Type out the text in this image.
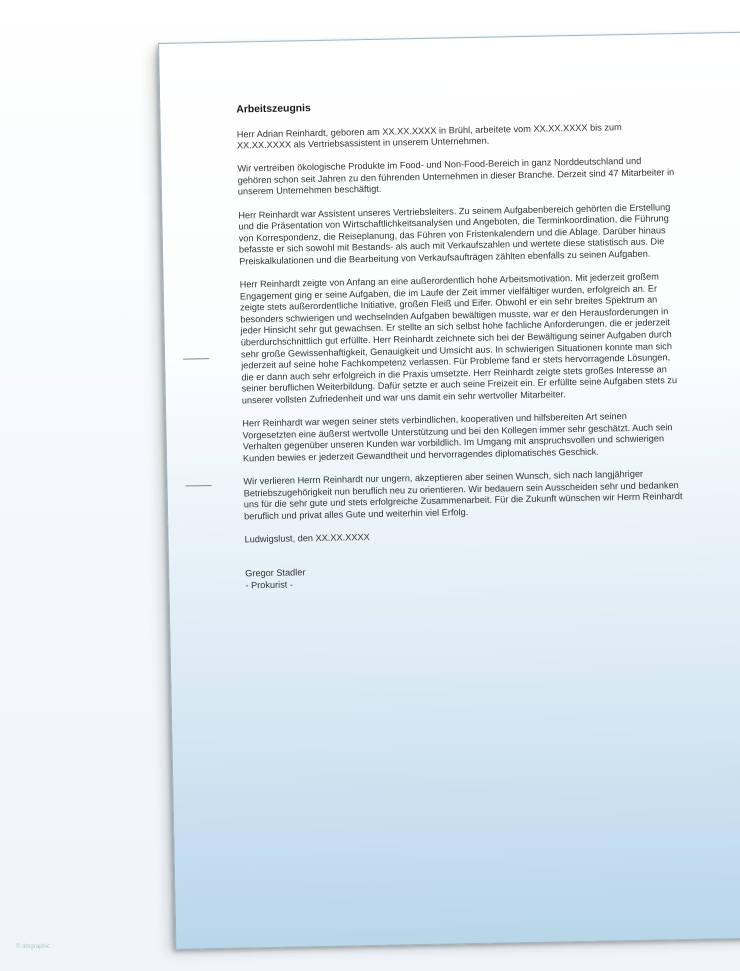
Arbeitszeugnis

Herr Adrian Reinhardt, geboren am XX.XX.XXXX in Brühl, arbeitete vom XX.XX.XXXX bis zum XX.XX.XXXX als Vertriebsassistent in unserem Unternehmen.

Wir vertreiben ökologische Produkte im Food- und Non-Food-Bereich in ganz Norddeutschland und gehören schon seit Jahren zu den führenden Unternehmen in dieser Branche. Derzeit sind 47 Mitarbeiter in unserem Unternehmen beschäftigt.

Herr Reinhardt war Assistent unseres Vertriebsleiters. Zu seinem Aufgabenbereich gehörten die Erstellung und die Präsentation von Wirtschaftlichkeitsanalysen und Angeboten, die Terminkoordination, die Führung von Korrespondenz, die Reiseplanung, das Führen von Fristenkalendern und die Ablage. Darüber hinaus befasste er sich sowohl mit Bestands- als auch mit Verkaufszahlen und wertete diese statistisch aus. Die Preiskalkulationen und die Bearbeitung von Verkaufsaufträgen zählten ebenfalls zu seinen Aufgaben.

Herr Reinhardt zeigte von Anfang an eine außerordentlich hohe Arbeitsmotivation. Mit jederzeit großem Engagement ging er seine Aufgaben, die im Laufe der Zeit immer vielfältiger wurden, erfolgreich an. Er zeigte stets außerordentliche Initiative, großen Fleiß und Eifer. Obwohl er ein sehr breites Spektrum an besonders schwierigen und wechselnden Aufgaben bewältigen musste, war er den Herausforderungen in jeder Hinsicht sehr gut gewachsen. Er stellte an sich selbst hohe fachliche Anforderungen, die er jederzeit überdurchschnittlich gut erfüllte. Herr Reinhardt zeichnete sich bei der Bewältigung seiner Aufgaben durch sehr große Gewissenhaftigkeit, Genauigkeit und Umsicht aus. In schwierigen Situationen konnte man sich jederzeit auf seine hohe Fachkompetenz verlassen. Für Probleme fand er stets hervorragende Lösungen, die er dann auch sehr erfolgreich in die Praxis umsetzte. Herr Reinhardt zeigte stets großes Interesse an seiner beruflichen Weiterbildung. Dafür setzte er auch seine Freizeit ein. Er erfüllte seine Aufgaben stets zu unserer vollsten Zufriedenheit und war uns damit ein sehr wertvoller Mitarbeiter.

Herr Reinhardt war wegen seiner stets verbindlichen, kooperativen und hilfsbereiten Art seinen Vorgesetzten eine äußerst wertvolle Unterstützung und bei den Kollegen immer sehr geschätzt. Auch sein Verhalten gegenüber unseren Kunden war vorbildlich. Im Umgang mit anspruchsvollen und schwierigen Kunden bewies er jederzeit Gewandtheit und hervorragendes diplomatisches Geschick.

Wir verlieren Herrn Reinhardt nur ungern, akzeptieren aber seinen Wunsch, sich nach langjähriger Betriebszugehörigkeit nun beruflich neu zu orientieren. Wir bedauern sein Ausscheiden sehr und bedanken uns für die sehr gute und stets erfolgreiche Zusammenarbeit. Für die Zukunft wünschen wir Herrn Reinhardt beruflich und privat alles Gute und weiterhin viel Erfolg.

Ludwigslust, den XX.XX.XXXX

Gregor Stadler
- Prokurist -
© dmgraphic
